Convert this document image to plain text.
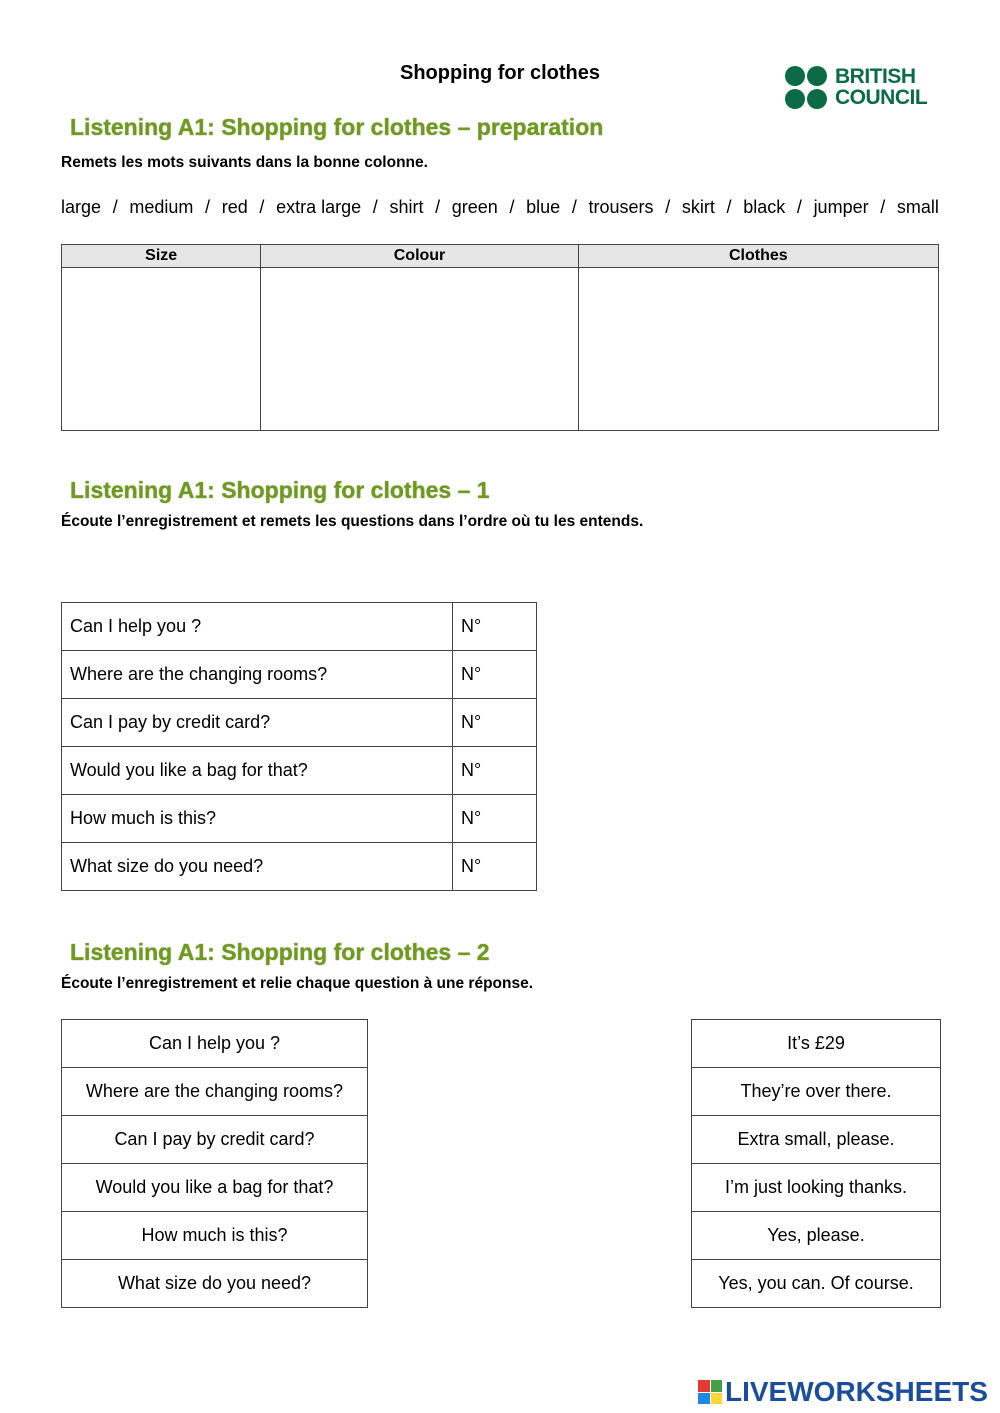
Shopping for clothes	BRITISH
COUNCIL
Listening A1: Shopping for clothes – preparation
Remets les mots suivants dans la bonne colonne.
large / medium / red / extra large / shirt / green / blue / trousers / skirt / black / jumper / small
Size	Colour	Clothes

Listening A1: Shopping for clothes – 1
Écoute l’enregistrement et remets les questions dans l’ordre où tu les entends.
Can I help you ?	N°
Where are the changing rooms?	N°
Can I pay by credit card?	N°
Would you like a bag for that?	N°
How much is this?	N°
What size do you need?	N°
Listening A1: Shopping for clothes – 2
Écoute l’enregistrement et relie chaque question à une réponse.
Can I help you ?
Where are the changing rooms?
Can I pay by credit card?
Would you like a bag for that?
How much is this?
What size do you need?
It’s £29
They’re over there.
Extra small, please.
I’m just looking thanks.
Yes, please.
Yes, you can. Of course.
LIVEWORKSHEETS
